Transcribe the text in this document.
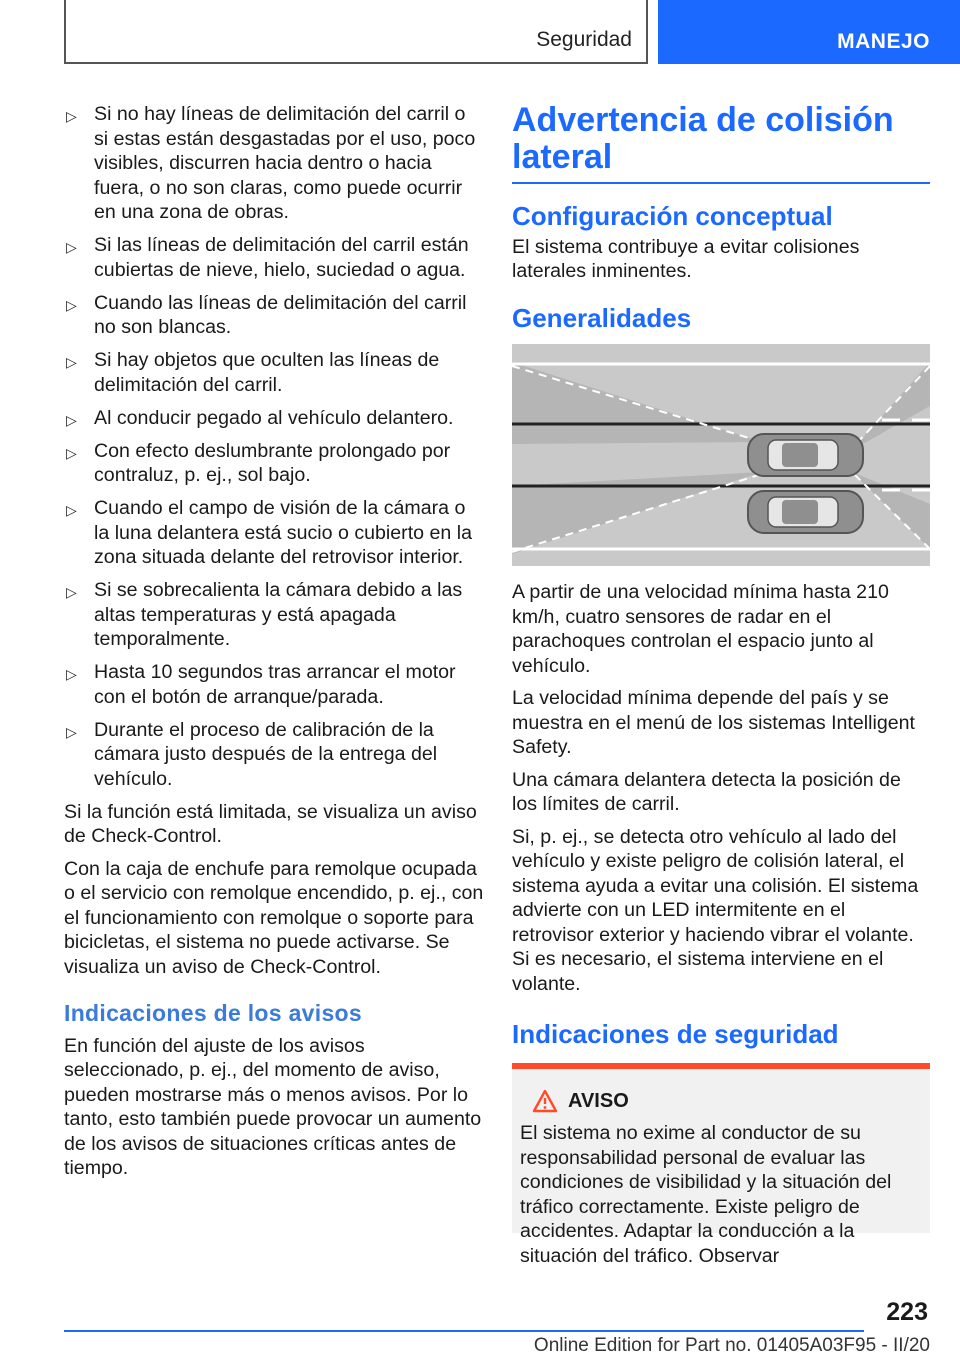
Seguridad	MANEJO
▷ Si no hay líneas de delimitación del carril o si estas están desgastadas por el uso, poco visibles, discurren hacia dentro o hacia fuera, o no son claras, como puede ocurrir en una zona de obras.
▷ Si las líneas de delimitación del carril están cubiertas de nieve, hielo, suciedad o agua.
▷ Cuando las líneas de delimitación del carril no son blancas.
▷ Si hay objetos que oculten las líneas de delimitación del carril.
▷ Al conducir pegado al vehículo delantero.
▷ Con efecto deslumbrante prolongado por contraluz, p. ej., sol bajo.
▷ Cuando el campo de visión de la cámara o la luna delantera está sucio o cubierto en la zona situada delante del retrovisor interior.
▷ Si se sobrecalienta la cámara debido a las altas temperaturas y está apagada temporalmente.
▷ Hasta 10 segundos tras arrancar el motor con el botón de arranque/parada.
▷ Durante el proceso de calibración de la cámara justo después de la entrega del vehículo.

Si la función está limitada, se visualiza un aviso de Check-Control.

Con la caja de enchufe para remolque ocupada o el servicio con remolque encendido, p. ej., con el funcionamiento con remolque o soporte para bicicletas, el sistema no puede activarse. Se visualiza un aviso de Check-Control.

Indicaciones de los avisos

En función del ajuste de los avisos seleccionado, p. ej., del momento de aviso, pueden mostrarse más o menos avisos. Por lo tanto, esto también puede provocar un aumento de los avisos de situaciones críticas antes de tiempo.

Advertencia de colisión lateral
Configuración conceptual

El sistema contribuye a evitar colisiones laterales inminentes.

Generalidades

A partir de una velocidad mínima hasta 210 km/h, cuatro sensores de radar en el parachoques controlan el espacio junto al vehículo.

La velocidad mínima depende del país y se muestra en el menú de los sistemas Intelligent Safety.

Una cámara delantera detecta la posición de los límites de carril.

Si, p. ej., se detecta otro vehículo al lado del vehículo y existe peligro de colisión lateral, el sistema ayuda a evitar una colisión. El sistema advierte con un LED intermitente en el retrovisor exterior y haciendo vibrar el volante. Si es necesario, el sistema interviene en el volante.

Indicaciones de seguridad
AVISO

El sistema no exime al conductor de su responsabilidad personal de evaluar las condiciones de visibilidad y la situación del tráfico correctamente. Existe peligro de accidentes. Adaptar la conducción a la situación del tráfico. Observar

223
Online Edition for Part no. 01405A03F95 - II/20
